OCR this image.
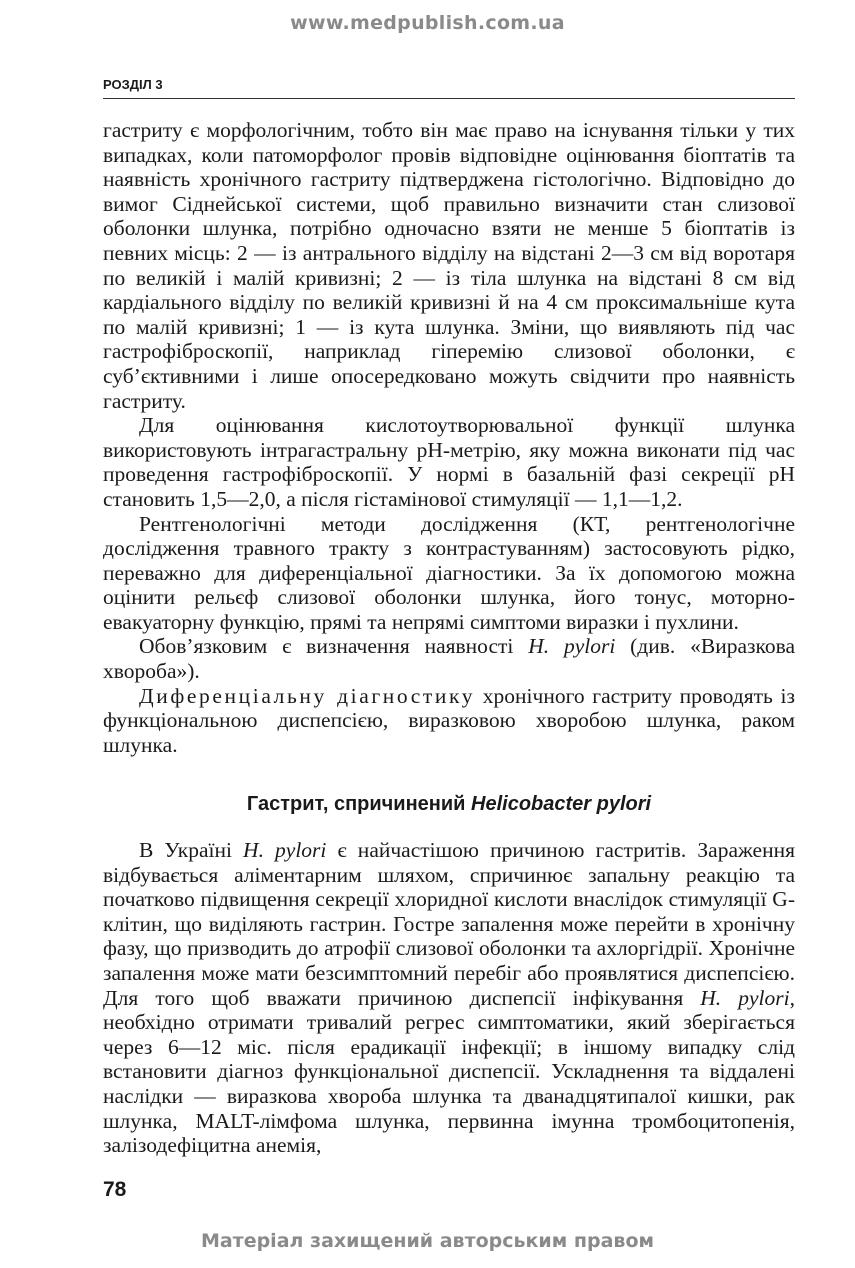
www.medpublish.com.ua
РОЗДІЛ 3

гастриту є морфологічним, тобто він має право на існування тільки у тих випадках, коли патоморфолог провів відповідне оцінювання біоптатів та наявність хронічного гастриту підтверджена гістологічно. Відповідно до вимог Сіднейської системи, щоб правильно визначити стан слизової оболонки шлунка, потрібно одночасно взяти не менше 5 біоптатів із певних місць: 2 — із антрального відділу на відстані 2—3 см від воротаря по великій і малій кривизні; 2 — із тіла шлунка на відстані 8 см від кардіального відділу по великій кривизні й на 4 см проксимальніше кута по малій кривизні; 1 — із кута шлунка. Зміни, що виявляють під час гастрофіброскопії, наприклад гіперемію слизової оболонки, є суб’єктивними і лише опосередковано можуть свідчити про наявність гастриту.

Для оцінювання кислотоутворювальної функції шлунка використовують інтрагастральну pH-метрію, яку можна виконати під час проведення гастрофіброскопії. У нормі в базальній фазі секреції pH становить 1,5—2,0, а після гістамінової стимуляції — 1,1—1,2.

Рентгенологічні методи дослідження (КТ, рентгенологічне дослідження травного тракту з контрастуванням) застосовують рідко, переважно для диференціальної діагностики. За їх допомогою можна оцінити рельєф слизової оболонки шлунка, його тонус, моторно-евакуаторну функцію, прямі та непрямі симптоми виразки і пухлини.

Обов’язковим є визначення наявності H. pylori (див. «Виразкова хвороба»).

Диференціальну діагностику хронічного гастриту проводять із функціональною диспепсією, виразковою хворобою шлунка, раком шлунка.

Гастрит, спричинений Helicobacter pylori

В Україні H. pylori є найчастішою причиною гастритів. Зараження відбувається аліментарним шляхом, спричинює запальну реакцію та початково підвищення секреції хлоридної кислоти внаслідок стимуляції G-клітин, що виділяють гастрин. Гостре запалення може перейти в хронічну фазу, що призводить до атрофії слизової оболонки та ахлоргідрії. Хронічне запалення може мати безсимптомний перебіг або проявлятися диспепсією. Для того щоб вважати причиною диспепсії інфікування H. pylori, необхідно отримати тривалий регрес симптоматики, який зберігається через 6—12 міс. після ерадикації інфекції; в іншому випадку слід встановити діагноз функціональної диспепсії. Ускладнення та віддалені наслідки — виразкова хвороба шлунка та дванадцятипалої кишки, рак шлунка, MALT-лімфома шлунка, первинна імунна тромбоцитопенія, залізодефіцитна анемія,

78
Матеріал захищений авторським правом
